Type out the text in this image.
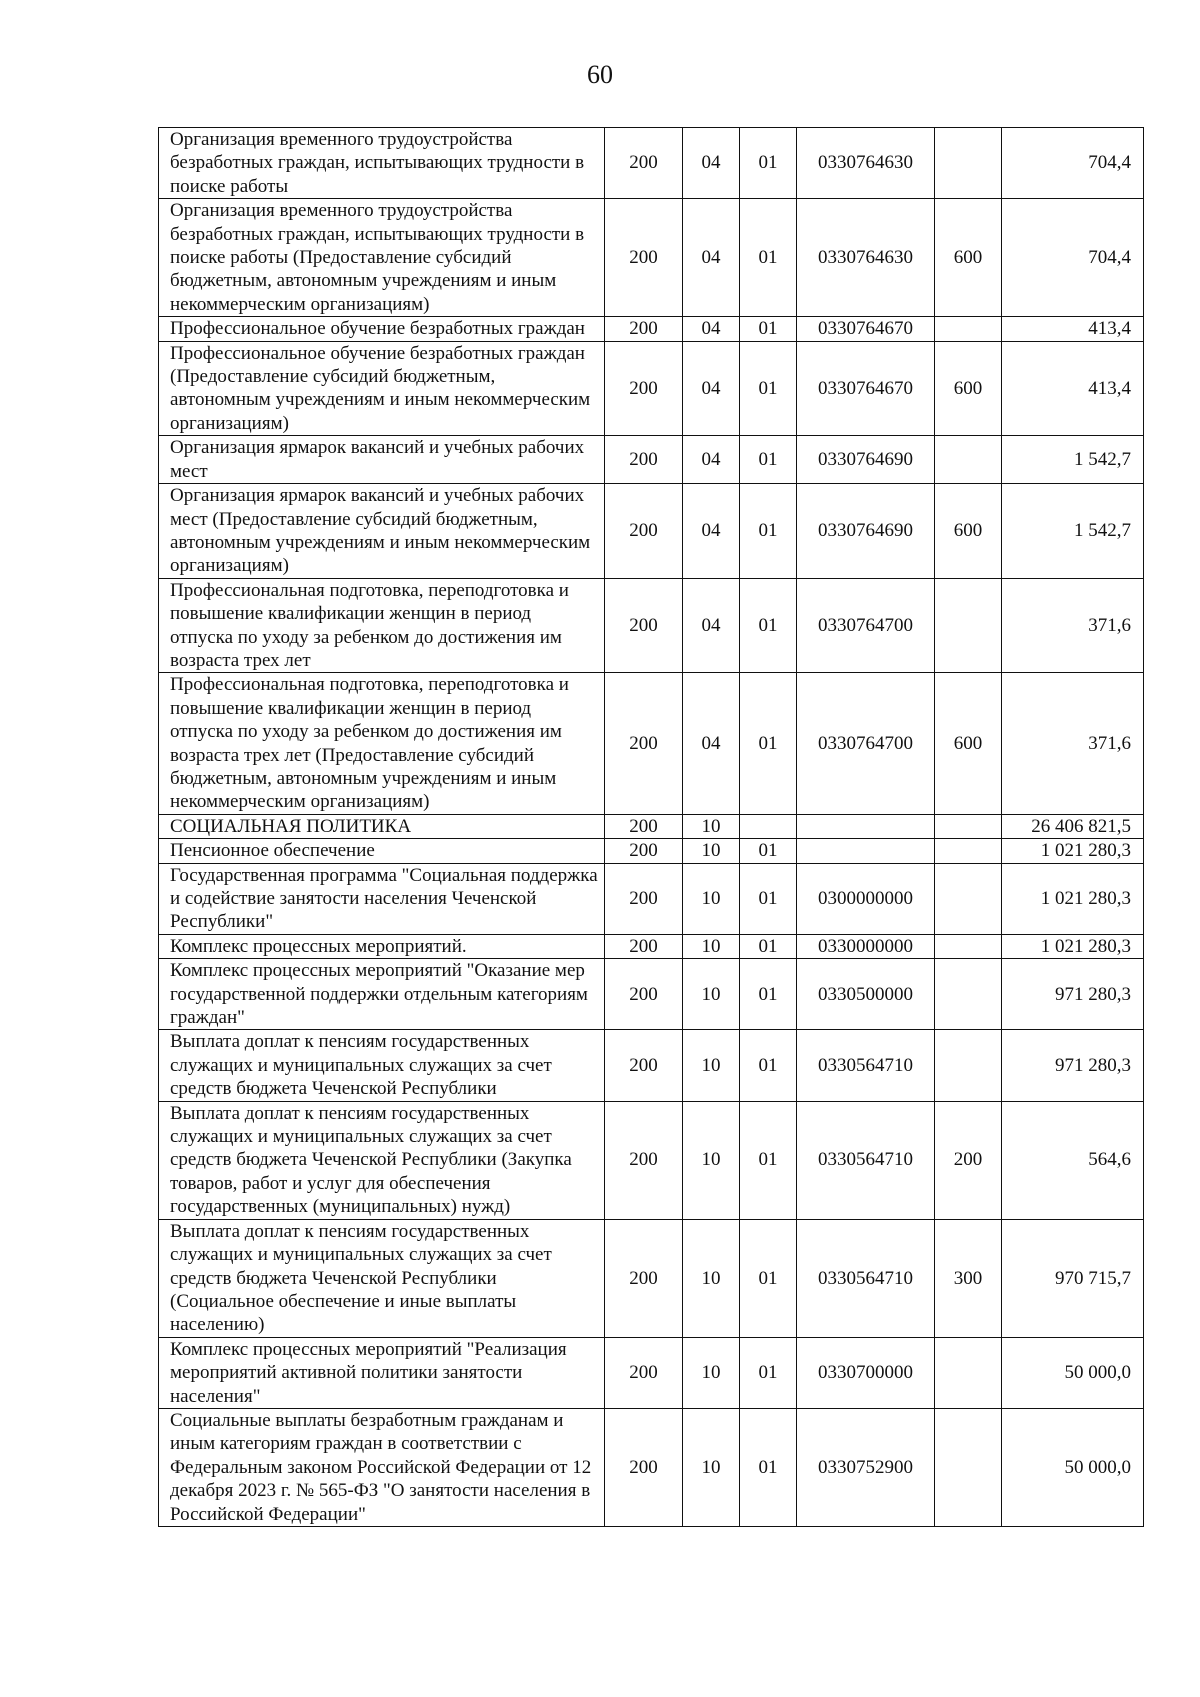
60
Организация временного трудоустройства безработных граждан, испытывающих трудности в поиске работы	200	04	01	0330764630		704,4
Организация временного трудоустройства безработных граждан, испытывающих трудности в поиске работы (Предоставление субсидий бюджетным, автономным учреждениям и иным некоммерческим организациям)	200	04	01	0330764630	600	704,4
Профессиональное обучение безработных граждан	200	04	01	0330764670		413,4
Профессиональное обучение безработных граждан (Предоставление субсидий бюджетным, автономным учреждениям и иным некоммерческим организациям)	200	04	01	0330764670	600	413,4
Организация ярмарок вакансий и учебных рабочих мест	200	04	01	0330764690		1 542,7
Организация ярмарок вакансий и учебных рабочих мест (Предоставление субсидий бюджетным, автономным учреждениям и иным некоммерческим организациям)	200	04	01	0330764690	600	1 542,7
Профессиональная подготовка, переподготовка и повышение квалификации женщин в период отпуска по уходу за ребенком до достижения им возраста трех лет	200	04	01	0330764700		371,6
Профессиональная подготовка, переподготовка и повышение квалификации женщин в период отпуска по уходу за ребенком до достижения им возраста трех лет (Предоставление субсидий бюджетным, автономным учреждениям и иным некоммерческим организациям)	200	04	01	0330764700	600	371,6
СОЦИАЛЬНАЯ ПОЛИТИКА	200	10				26 406 821,5
Пенсионное обеспечение	200	10	01			1 021 280,3
Государственная программа "Социальная поддержка и содействие занятости населения Чеченской Республики"	200	10	01	0300000000		1 021 280,3
Комплекс процессных мероприятий.	200	10	01	0330000000		1 021 280,3
Комплекс процессных мероприятий "Оказание мер государственной поддержки отдельным категориям граждан"	200	10	01	0330500000		971 280,3
Выплата доплат к пенсиям государственных служащих и муниципальных служащих за счет средств бюджета Чеченской Республики	200	10	01	0330564710		971 280,3
Выплата доплат к пенсиям государственных служащих и муниципальных служащих за счет средств бюджета Чеченской Республики (Закупка товаров, работ и услуг для обеспечения государственных (муниципальных) нужд)	200	10	01	0330564710	200	564,6
Выплата доплат к пенсиям государственных служащих и муниципальных служащих за счет средств бюджета Чеченской Республики (Социальное обеспечение и иные выплаты населению)	200	10	01	0330564710	300	970 715,7
Комплекс процессных мероприятий "Реализация мероприятий активной политики занятости населения"	200	10	01	0330700000		50 000,0
Социальные выплаты безработным гражданам и иным категориям граждан в соответствии с Федеральным законом Российской Федерации от 12 декабря 2023 г. № 565-ФЗ "О занятости населения в Российской Федерации"	200	10	01	0330752900		50 000,0
